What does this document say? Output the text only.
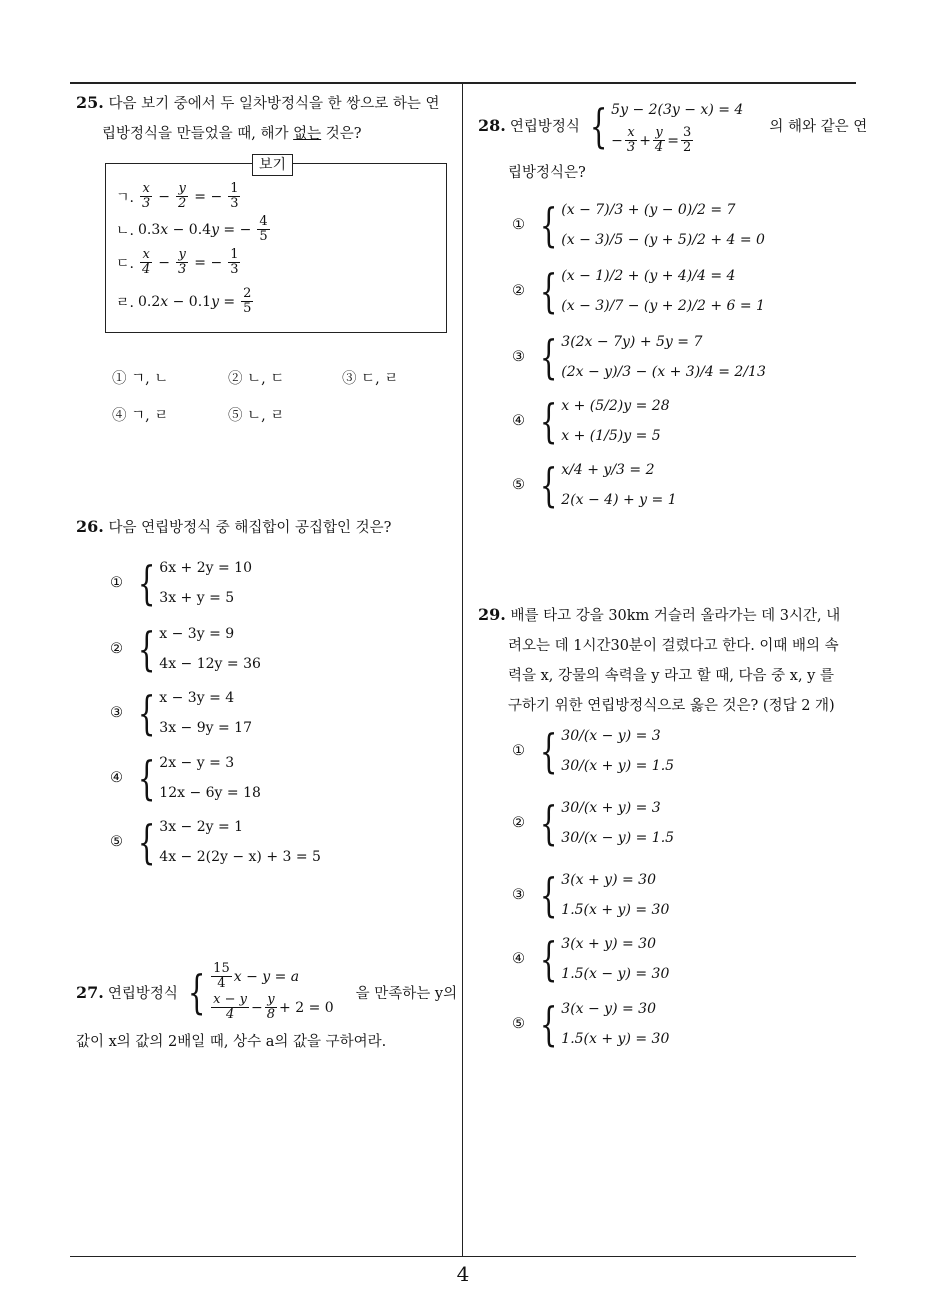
4
25. 다음 보기 중에서 두 일차방정식을 한 쌍으로 하는 연
립방정식을 만들었을 때, 해가 없는 것은?
보기
ㄱ. $\frac{x}{3} - \frac{y}{2}$ = − $\frac{1}{3}$
ㄴ. 0.3x − 0.4y = − $\frac{4}{5}$
ㄷ. $\frac{x}{4} - \frac{y}{3}$ = − $\frac{1}{3}$
ㄹ. $0.2x - 0.1y = \frac{2}{5}$
① ㄱ, ㄴ	② ㄴ, ㄷ	③ ㄷ, ㄹ
④ ㄱ, ㄹ	⑤ ㄴ, ㄹ
26. 다음 연립방정식 중 해집합이 공집합인 것은?
① { 6x + 2y = 10
3x + y = 5
② { x − 3y = 9
4x − 12y = 36
③ { x − 3y = 4
3x − 9y = 17
④ { 2x − y = 3
12x − 6y = 18
⑤ { 3x − 2y = 1
4x − 2(2y − x) + 3 = 5
27. 연립방정식 { $\frac{15}{4}$ x − y = a
$\frac{x - y}{4} - \frac{y}{8} + 2 = 0$
을 만족하는 y의
값이 x의 값의 2배일 때, 상수 a의 값을 구하여라.
28. 연립방정식 { 5y − 2(3y − x) = 4
− $\frac{x}{3} + \frac{y}{4} = \frac{3}{2}$	의 해와 같은 연
립방정식은?
① { (x − 7)/3 + (y − 0)/2 = 7
(x − 3)/5 − (y + 5)/2 + 4 = 0
② { (x − 1)/2 + (y + 4)/4 = 4
(x − 3)/7 − (y + 2)/2 + 6 = 1
③ { 3(2x − 7y) + 5y = 7
(2x − y)/3 − (x + 3)/4 = 2/13
④ { x + (5/2)y = 28
x + (1/5)y = 5
⑤ { x/4 + y/3 = 2
2(x − 4) + y = 1
29. 배를 타고 강을 30km 거슬러 올라가는 데 3시간, 내
려오는 데 1시간30분이 걸렸다고 한다. 이때 배의 속
력을 x, 강물의 속력을 y 라고 할 때, 다음 중 x, y 를
구하기 위한 연립방정식으로 옳은 것은? (정답 2 개)
① { 30/(x − y) = 3
30/(x + y) = 1.5
② { 30/(x + y) = 3
30/(x − y) = 1.5
③ { 3(x + y) = 30
1.5(x + y) = 30
④ { 3(x + y) = 30
1.5(x − y) = 30
⑤ { 3(x − y) = 30
1.5(x + y) = 30
